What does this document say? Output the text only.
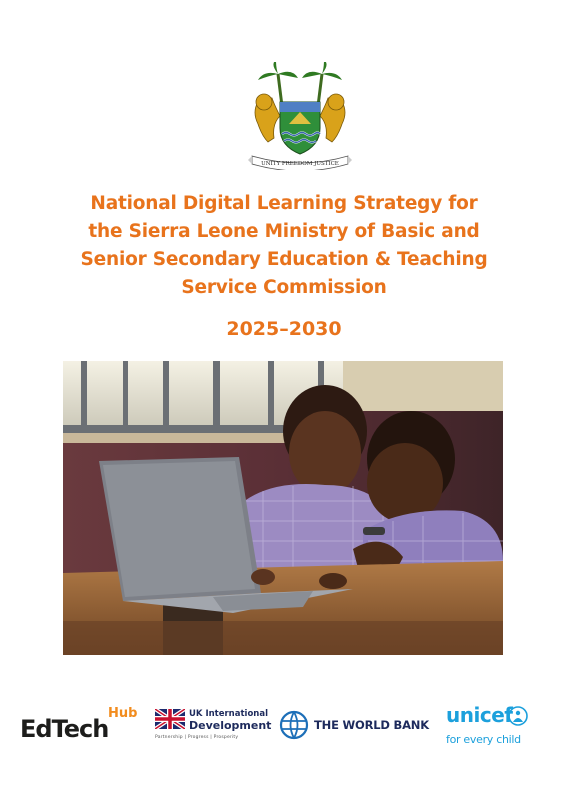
UNITY FREEDOM JUSTICE
National Digital Learning Strategy for
the Sierra Leone Ministry of Basic and
Senior Secondary Education & Teaching
Service Commission
2025–2030
EdTech
Hub	UK International
Development
Partnership | Progress | Prosperity
THE WORLD BANK unicef
for every child
